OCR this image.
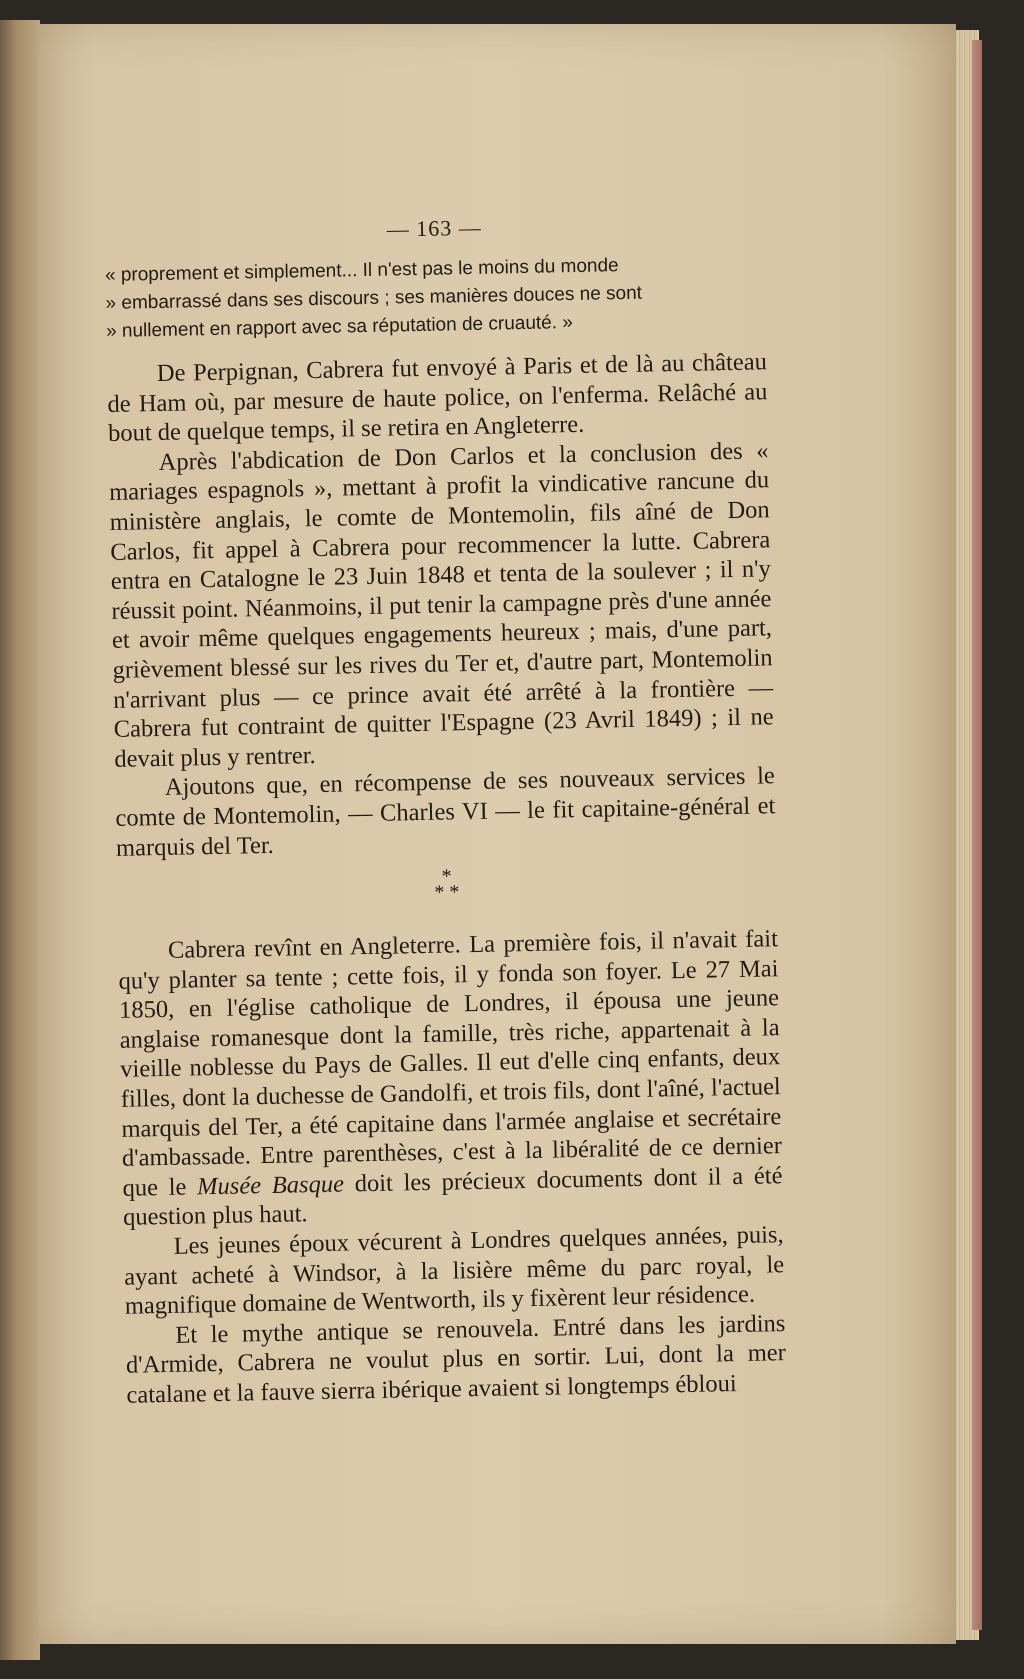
— 163 —

« proprement et simplement... Il n'est pas le moins du monde

» embarrassé dans ses discours ; ses manières douces ne sont

» nullement en rapport avec sa réputation de cruauté. »

De Perpignan, Cabrera fut envoyé à Paris et de là au château de Ham où, par mesure de haute police, on l'enferma. Relâché au bout de quelque temps, il se retira en Angleterre.

Après l'abdication de Don Carlos et la conclusion des « mariages espagnols », mettant à profit la vindicative rancune du ministère anglais, le comte de Montemolin, fils aîné de Don Carlos, fit appel à Cabrera pour recommencer la lutte. Cabrera entra en Catalogne le 23 Juin 1848 et tenta de la soulever ; il n'y réussit point. Néanmoins, il put tenir la campagne près d'une année et avoir même quelques engagements heureux ; mais, d'une part, grièvement blessé sur les rives du Ter et, d'autre part, Montemolin n'arrivant plus — ce prince avait été arrêté à la frontière — Cabrera fut contraint de quitter l'Espagne (23 Avril 1849) ; il ne devait plus y rentrer.

Ajoutons que, en récompense de ses nouveaux services le comte de Montemolin, — Charles VI — le fit capitaine-général et marquis del Ter.

*
* *

Cabrera revînt en Angleterre. La première fois, il n'avait fait qu'y planter sa tente ; cette fois, il y fonda son foyer. Le 27 Mai 1850, en l'église catholique de Londres, il épousa une jeune anglaise romanesque dont la famille, très riche, appartenait à la vieille noblesse du Pays de Galles. Il eut d'elle cinq enfants, deux filles, dont la duchesse de Gandolfi, et trois fils, dont l'aîné, l'actuel marquis del Ter, a été capitaine dans l'armée anglaise et secrétaire d'ambassade. Entre parenthèses, c'est à la libéralité de ce dernier que le Musée Basque doit les précieux documents dont il a été question plus haut.

Les jeunes époux vécurent à Londres quelques années, puis, ayant acheté à Windsor, à la lisière même du parc royal, le magnifique domaine de Wentworth, ils y fixèrent leur résidence.

Et le mythe antique se renouvela. Entré dans les jardins d'Armide, Cabrera ne voulut plus en sortir. Lui, dont la mer catalane et la fauve sierra ibérique avaient si longtemps ébloui
